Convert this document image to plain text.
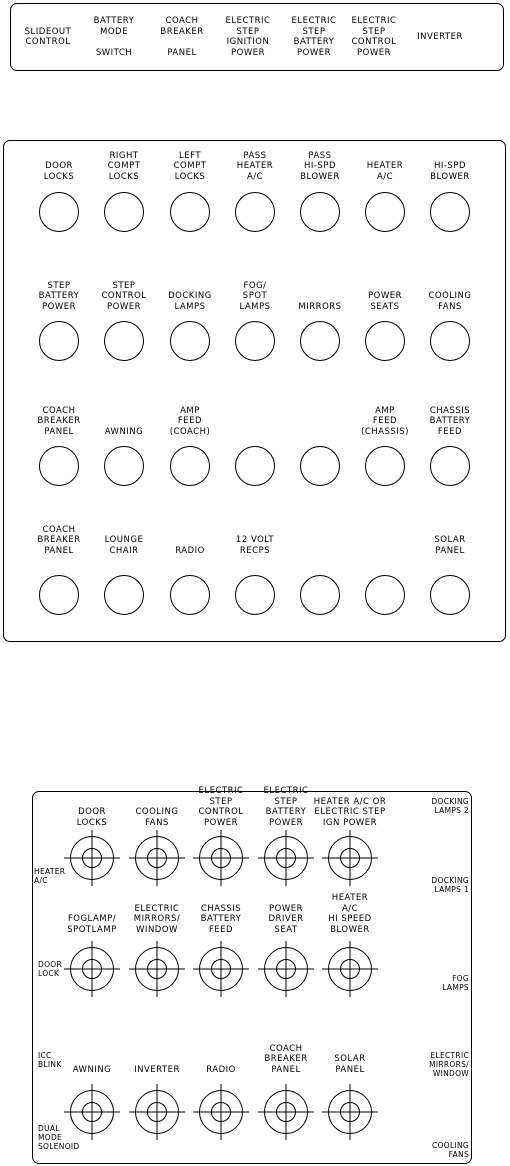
SLIDEOUT
CONTROL
BATTERY
MODE

SWITCH
COACH
BREAKER

PANEL
ELECTRIC
STEP
IGNITION
POWER
ELECTRIC
STEP
BATTERY
POWER
ELECTRIC
STEP
CONTROL
POWER
INVERTER
DOOR
LOCKS
RIGHT
COMPT
LOCKS
LEFT
COMPT
LOCKS
PASS
HEATER
A/C
PASS
HI-SPD
BLOWER
HEATER
A/C
HI-SPD
BLOWER
STEP
BATTERY
POWER
STEP
CONTROL
POWER
DOCKING
LAMPS
FOG/
SPOT
LAMPS	MIRRORS
POWER
SEATS
COOLING
FANS
COACH
BREAKER
PANEL	AWNING
AMP
FEED
(COACH)
AMP
FEED
(CHASSIS)
CHASSIS
BATTERY
FEED
COACH
BREAKER
PANEL
LOUNGE
CHAIR	RADIO
12 VOLT
RECPS
SOLAR
PANEL
DOOR
LOCKS
COOLING
FANS
ELECTRIC
STEP
CONTROL
POWER
ELECTRIC
STEP
BATTERY
POWER
HEATER A/C OR
ELECTRIC STEP
IGN POWER
FOGLAMP/
SPOTLAMP
ELECTRIC
MIRRORS/
WINDOW
CHASSIS
BATTERY
FEED
POWER
DRIVER
SEAT
HEATER
A/C
HI SPEED
BLOWER
AWNING	INVERTER	RADIO
COACH
BREAKER
PANEL
SOLAR
PANEL
HEATER
A/C
DOOR
LOCK
ICC
BLINK
DUAL
MODE
SOLENOID
DOCKING
LAMPS 2
DOCKING
LAMPS 1
FOG
LAMPS
ELECTRIC
MIRRORS/
WINDOW
COOLING
FANS
